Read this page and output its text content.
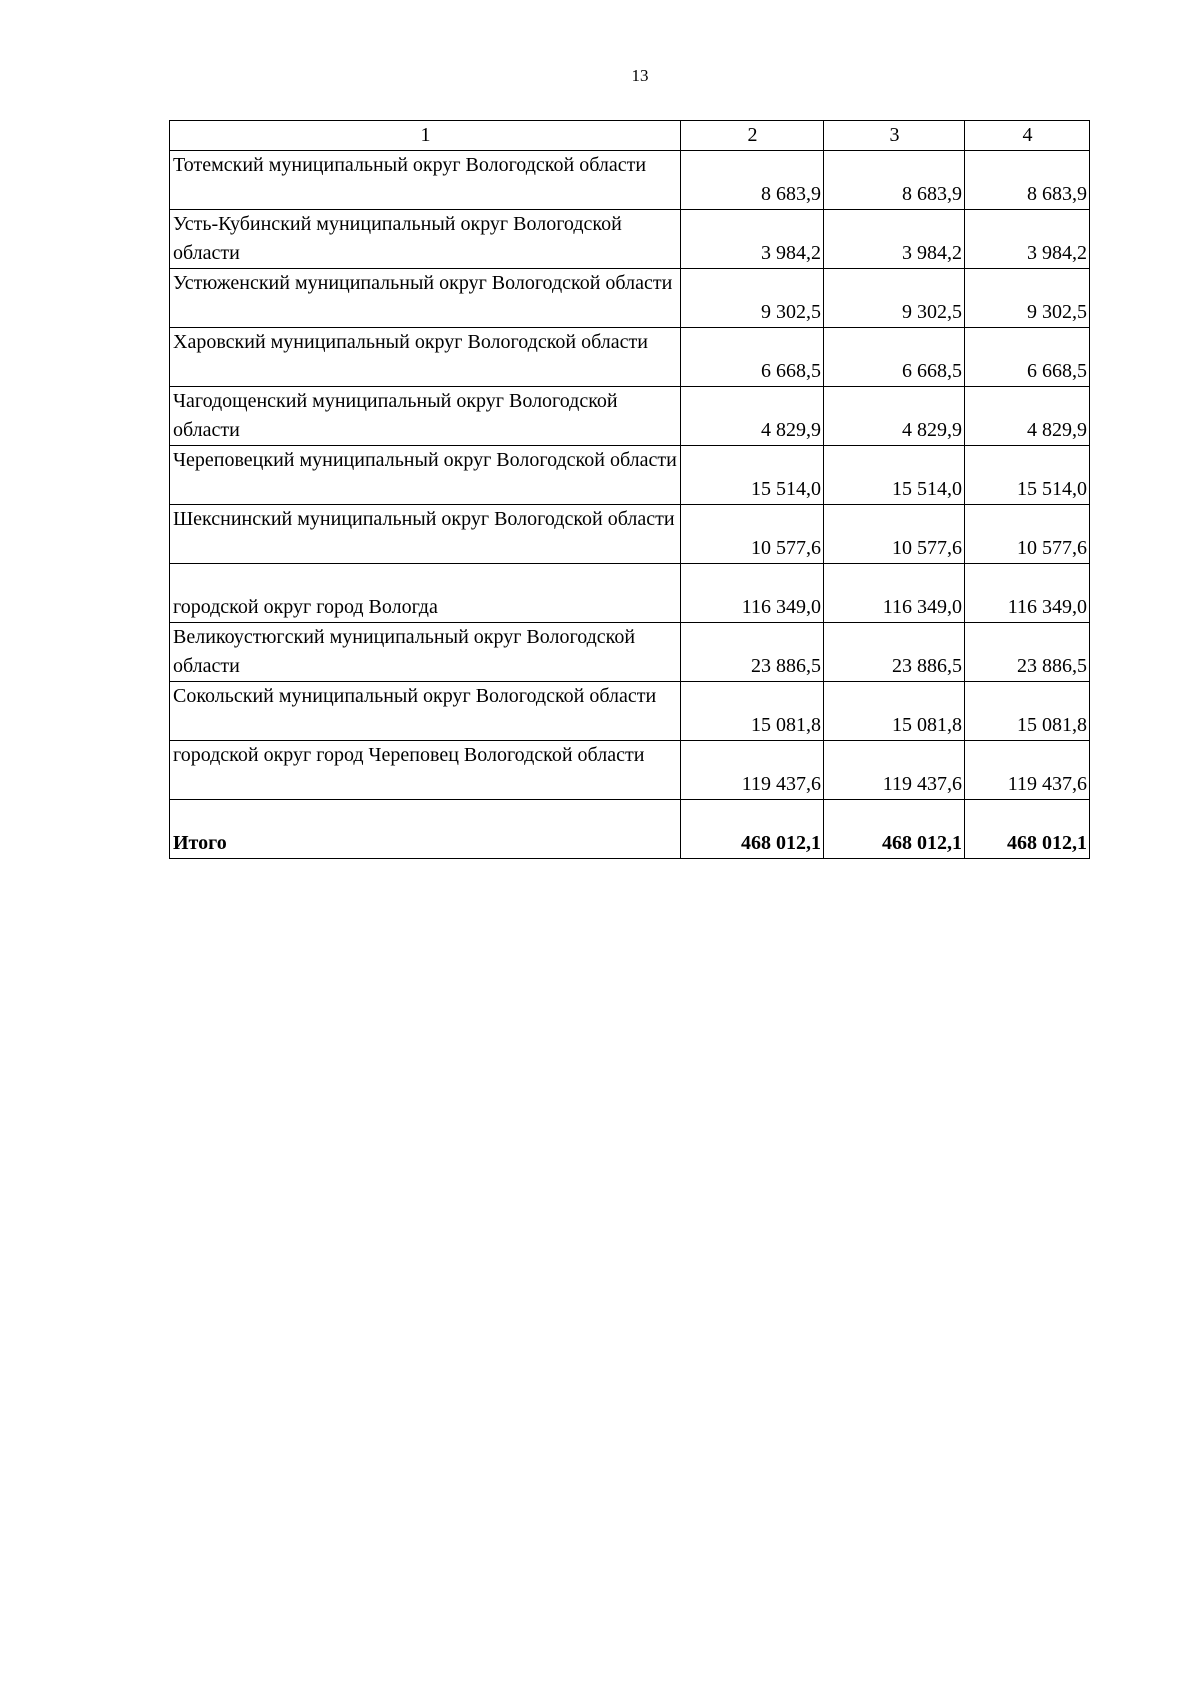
13
1	2	3	4
Тотемский муниципальный округ Вологодской области	8 683,9	8 683,9	8 683,9
Усть-Кубинский муниципальный округ Вологодской области	3 984,2	3 984,2	3 984,2
Устюженский муниципальный округ Вологодской области	9 302,5	9 302,5	9 302,5
Харовский муниципальный округ Вологодской области	6 668,5	6 668,5	6 668,5
Чагодощенский муниципальный округ Вологодской области	4 829,9	4 829,9	4 829,9
Череповецкий муниципальный округ Вологодской области	15 514,0	15 514,0	15 514,0
Шекснинский муниципальный округ Вологодской области	10 577,6	10 577,6	10 577,6
городской округ город Вологда	116 349,0	116 349,0	116 349,0
Великоустюгский муниципальный округ Вологодской области	23 886,5	23 886,5	23 886,5
Сокольский муниципальный округ Вологодской области	15 081,8	15 081,8	15 081,8
городской округ город Череповец Вологодской области	119 437,6	119 437,6	119 437,6
Итого	468 012,1	468 012,1	468 012,1
